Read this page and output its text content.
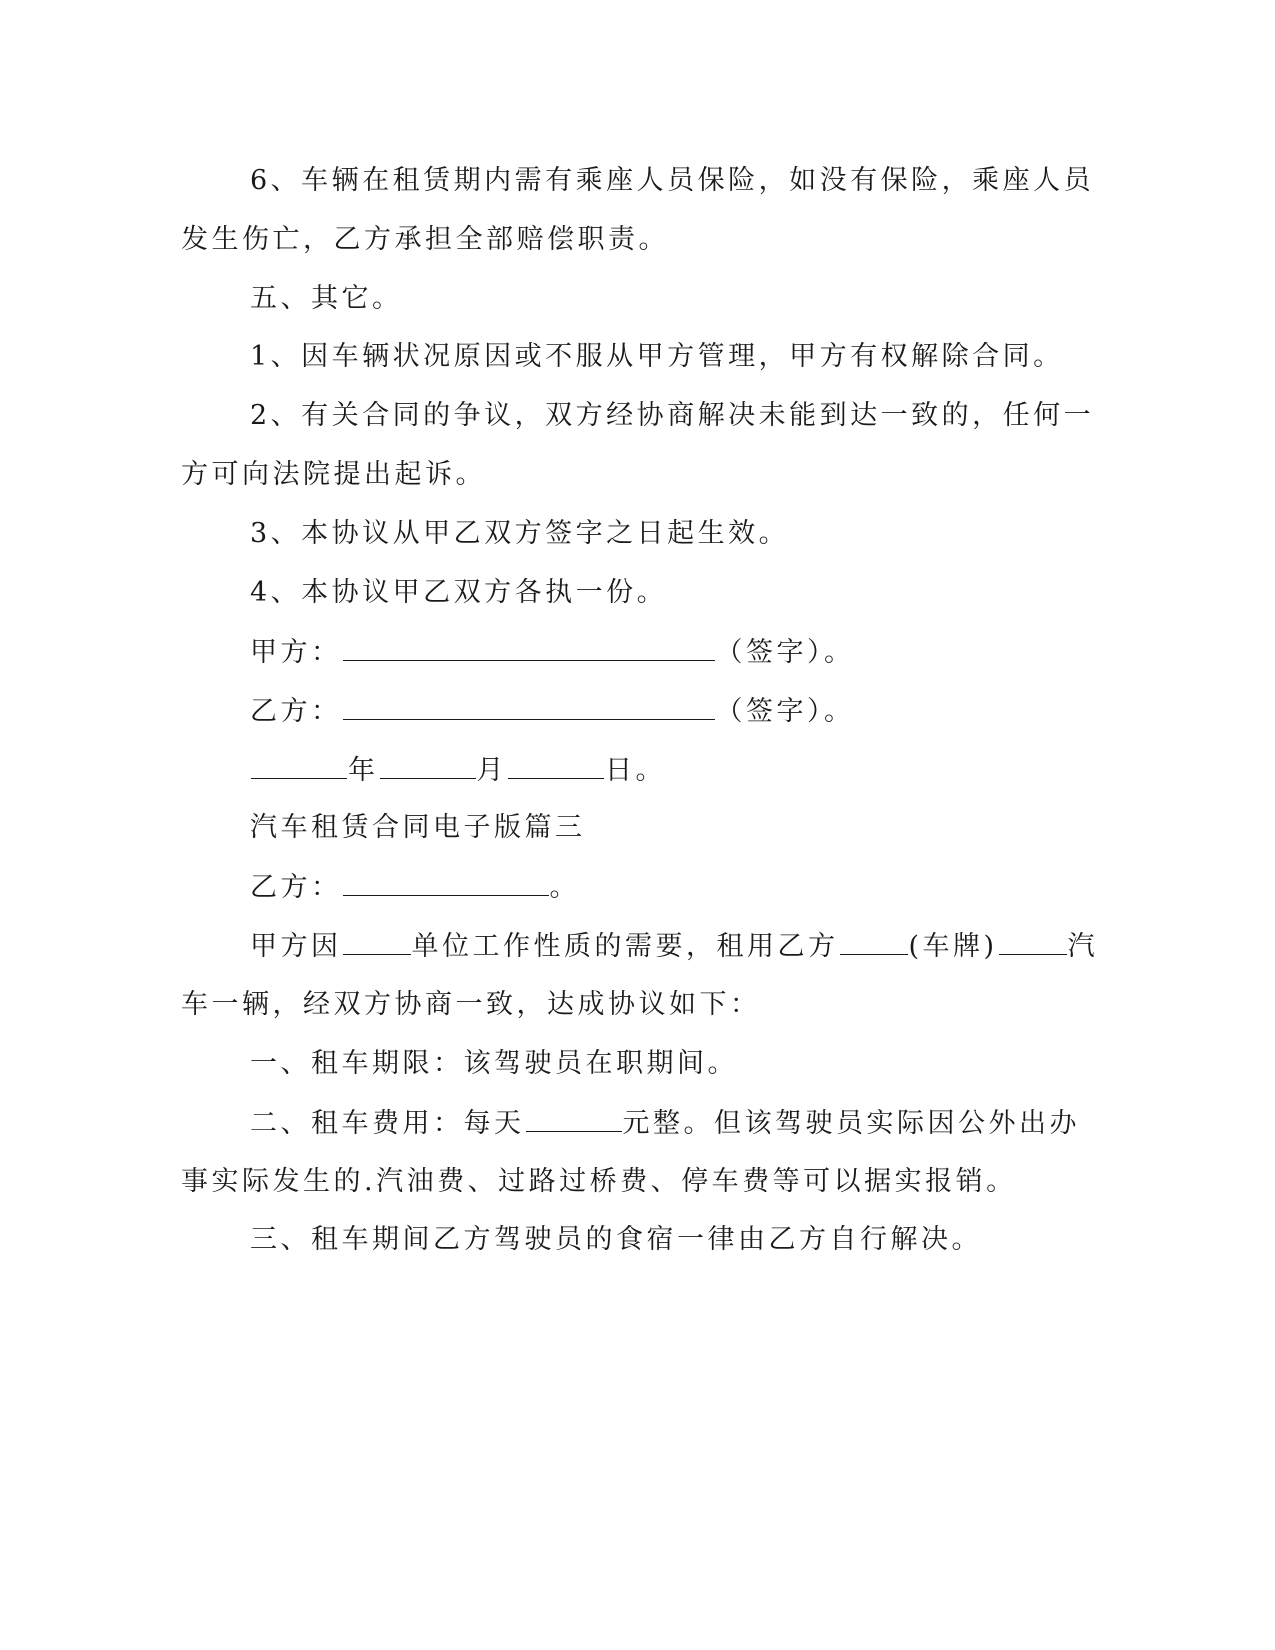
6、车辆在租赁期内需有乘座人员保险，如没有保险，乘座人员
发生伤亡，乙方承担全部赔偿职责。
五、其它。
1、因车辆状况原因或不服从甲方管理，甲方有权解除合同。
2、有关合同的争议，双方经协商解决未能到达一致的，任何一
方可向法院提出起诉。
3、本协议从甲乙双方签字之日起生效。
4、本协议甲乙双方各执一份。
甲方：	（签字）。
乙方：	（签字）。
年	月	日。
汽车租赁合同电子版篇三
乙方：	。
甲方因	单位工作性质的需要，租用乙方	(车牌)	汽
车一辆，经双方协商一致，达成协议如下：
一、租车期限：该驾驶员在职期间。
二、租车费用：每天	元整。但该驾驶员实际因公外出办
事实际发生的.汽油费、过路过桥费、停车费等可以据实报销。
三、租车期间乙方驾驶员的食宿一律由乙方自行解决。
